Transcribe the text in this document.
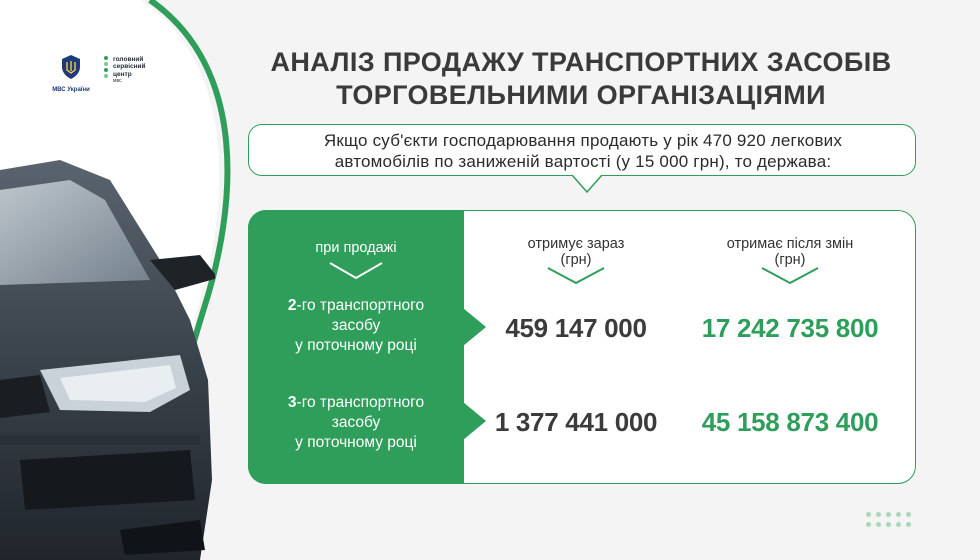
МВС України
головний
сервісний
центр
мвс
АНАЛІЗ ПРОДАЖУ ТРАНСПОРТНИХ ЗАСОБІВ
ТОРГОВЕЛЬНИМИ ОРГАНІЗАЦІЯМИ
Якщо суб'єкти господарювання продають у рік 470 920 легкових
автомобілів по заниженій вартості (у 15 000 грн), то держава:
при продажі
2-го транспортного
засобу
у поточному році
3-го транспортного
засобу
у поточному році
отримує зараз
(грн)
отримає після змін
(грн)
459 147 000	17 242 735 800
1 377 441 000	45 158 873 400
